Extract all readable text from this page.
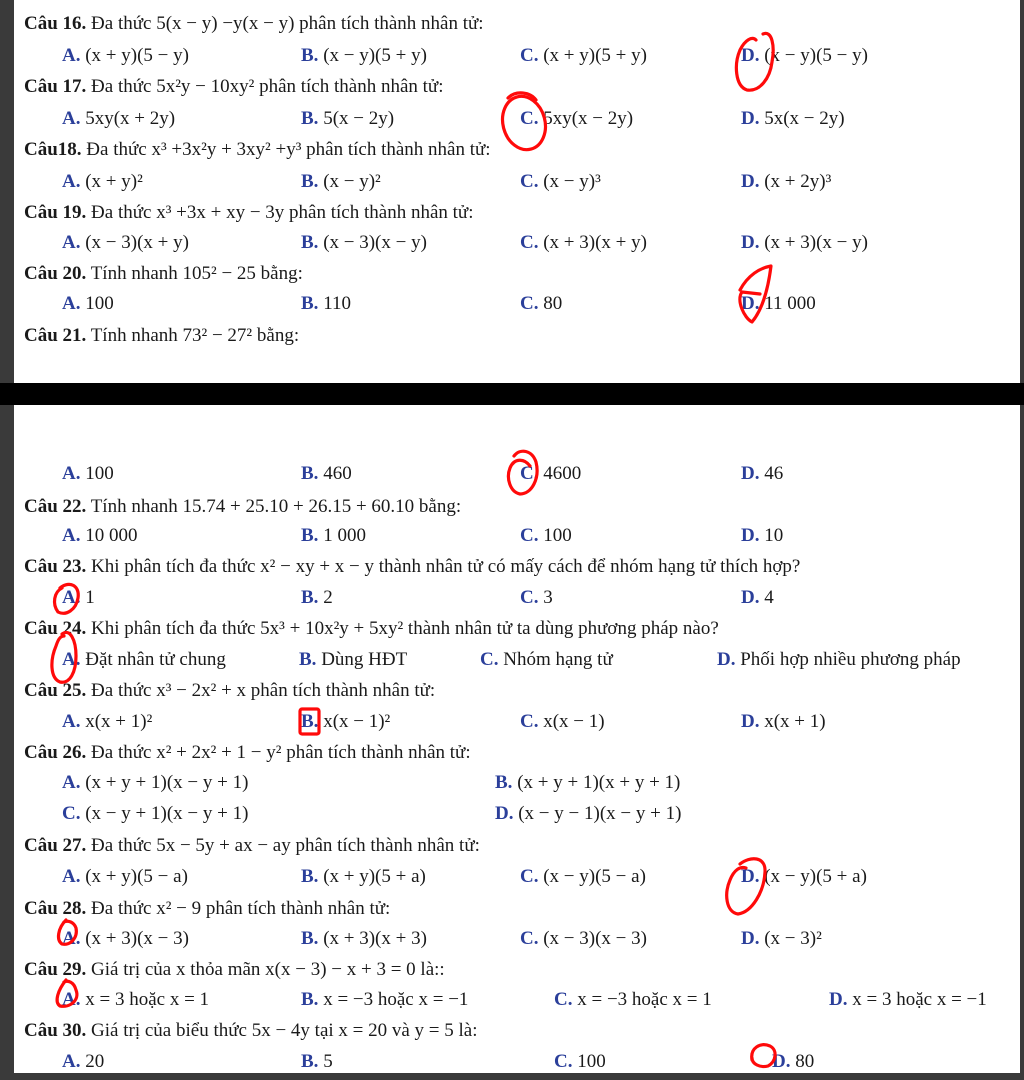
Câu 16. Đa thức 5(x − y) −y(x − y) phân tích thành nhân tử:
A. (x + y)(5 − y)	B. (x − y)(5 + y)	C. (x + y)(5 + y)	D. (x − y)(5 − y)
Câu 17. Đa thức 5x²y − 10xy² phân tích thành nhân tử:
A. 5xy(x + 2y)	B. 5(x − 2y)	C. 5xy(x − 2y)	D. 5x(x − 2y)
Câu18. Đa thức x³ +3x²y + 3xy² +y³ phân tích thành nhân tử:
A. (x + y)²	B. (x − y)²	C. (x − y)³	D. (x + 2y)³
Câu 19. Đa thức x³ +3x + xy − 3y phân tích thành nhân tử:
A. (x − 3)(x + y)	B. (x − 3)(x − y)	C. (x + 3)(x + y)	D. (x + 3)(x − y)
Câu 20. Tính nhanh 105² − 25 bằng:
A. 100	B. 110	C. 80	D. 11 000
Câu 21. Tính nhanh 73² − 27² bằng:
A. 100	B. 460	C. 4600	D. 46
Câu 22. Tính nhanh 15.74 + 25.10 + 26.15 + 60.10 bằng:
A. 10 000	B. 1 000	C. 100	D. 10
Câu 23. Khi phân tích đa thức x² − xy + x − y thành nhân tử có mấy cách để nhóm hạng tử thích hợp?
A. 1	B. 2	C. 3	D. 4
Câu 24. Khi phân tích đa thức 5x³ + 10x²y + 5xy² thành nhân tử ta dùng phương pháp nào?
A. Đặt nhân tử chung	B. Dùng HĐT	C. Nhóm hạng tử	D. Phối hợp nhiều phương pháp
Câu 25. Đa thức x³ − 2x² + x phân tích thành nhân tử:
A. x(x + 1)²	B. x(x − 1)²	C. x(x − 1)	D. x(x + 1)
Câu 26. Đa thức x² + 2x² + 1 − y² phân tích thành nhân tử:
A. (x + y + 1)(x − y + 1)	B. (x + y + 1)(x + y + 1)
C. (x − y + 1)(x − y + 1)	D. (x − y − 1)(x − y + 1)
Câu 27. Đa thức 5x − 5y + ax − ay phân tích thành nhân tử:
A. (x + y)(5 − a)	B. (x + y)(5 + a)	C. (x − y)(5 − a)	D. (x − y)(5 + a)
Câu 28. Đa thức x² − 9 phân tích thành nhân tử:
A. (x + 3)(x − 3)	B. (x + 3)(x + 3)	C. (x − 3)(x − 3)	D. (x − 3)²
Câu 29. Giá trị của x thỏa mãn x(x − 3) − x + 3 = 0 là::
A. x = 3 hoặc x = 1	B. x = −3 hoặc x = −1	C. x = −3 hoặc x = 1	D. x = 3 hoặc x = −1
Câu 30. Giá trị của biểu thức 5x − 4y tại x = 20 và y = 5 là:
A. 20	B. 5	C. 100	D. 80
